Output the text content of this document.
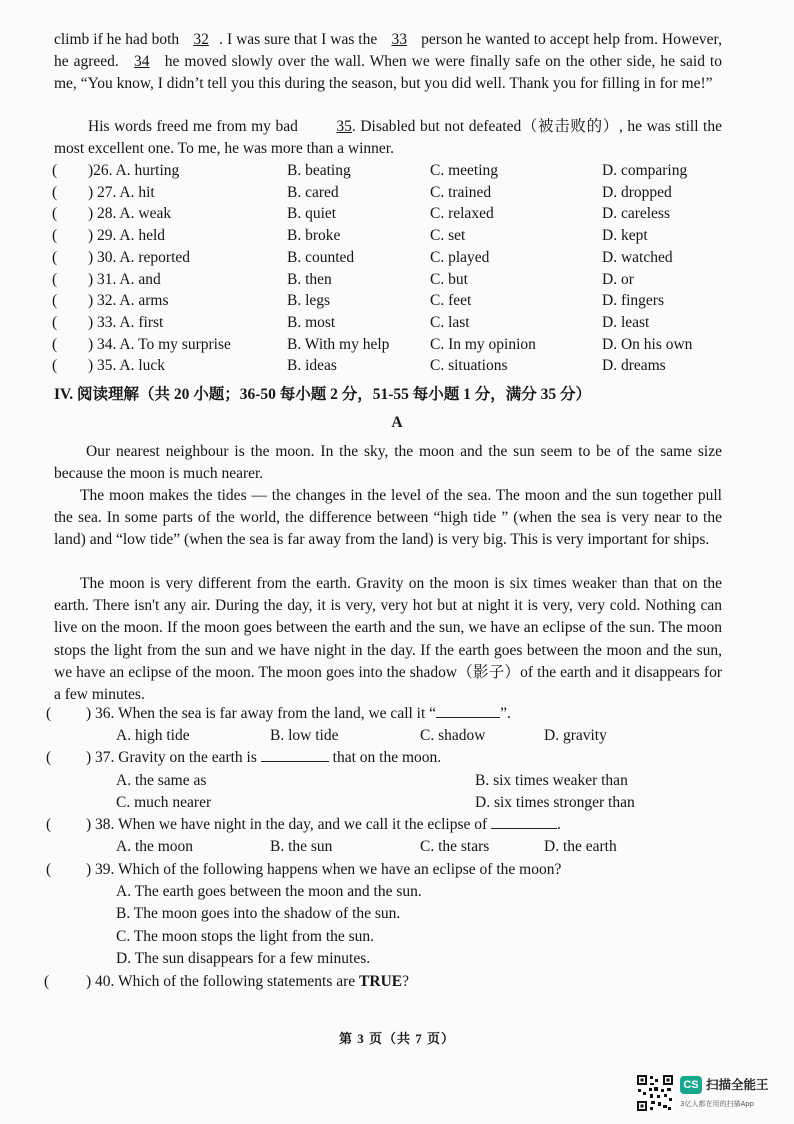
climb if he had both 32 . I was sure that I was the 33 person he wanted to accept help from. However, he agreed. 34 he moved slowly over the wall. When we were finally safe on the other side, he said to me, “You know, I didn’t tell you this during the season, but you did well. Thank you for filling in for me!”
His words freed me from my bad 35. Disabled but not defeated（被击败的）, he was still the most excellent one. To me, he was more than a winner.
( )26. A. hurting	B. beating	C. meeting	D. comparing
( ) 27. A. hit	B. cared	C. trained	D. dropped
( ) 28. A. weak	B. quiet	C. relaxed	D. careless
( ) 29. A. held	B. broke	C. set	D. kept
( ) 30. A. reported	B. counted	C. played	D. watched
( ) 31. A. and	B. then	C. but	D. or
( ) 32. A. arms	B. legs	C. feet	D. fingers
( ) 33. A. first	B. most	C. last	D. least
( ) 34. A. To my surprise	B. With my help	C. In my opinion	D. On his own
( ) 35. A. luck	B. ideas	C. situations	D. dreams
IV. 阅读理解（共 20 小题；36-50 每小题 2 分，51-55 每小题 1 分，满分 35 分）
A
Our nearest neighbour is the moon. In the sky, the moon and the sun seem to be of the same size because the moon is much nearer.
The moon makes the tides — the changes in the level of the sea. The moon and the sun together pull the sea. In some parts of the world, the difference between “high tide ” (when the sea is very near to the land) and “low tide” (when the sea is far away from the land) is very big. This is very important for ships.
The moon is very different from the earth. Gravity on the moon is six times weaker than that on the earth. There isn't any air. During the day, it is very, very hot but at night it is very, very cold. Nothing can live on the moon. If the moon goes between the earth and the sun, we have an eclipse of the sun. The moon stops the light from the sun and we have night in the day. If the earth goes between the moon and the sun, we have an eclipse of the moon. The moon goes into the shadow（影子）of the earth and it disappears for a few minutes.
( ) 36. When the sea is far away from the land, we call it “	”.
A. high tide	B. low tide	C. shadow	D. gravity
( ) 37. Gravity on the earth is	that on the moon.
A. the same as	B. six times weaker than
C. much nearer	D. six times stronger than
( ) 38. When we have night in the day, and we call it the eclipse of	.
A. the moon	B. the sun	C. the stars	D. the earth
( ) 39. Which of the following happens when we have an eclipse of the moon?
A. The earth goes between the moon and the sun.
B. The moon goes into the shadow of the sun.
C. The moon stops the light from the sun.
D. The sun disappears for a few minutes.
( ) 40. Which of the following statements are TRUE?
第 3 页（共 7 页）
CS 扫描全能王
3亿人都在用的扫描App
